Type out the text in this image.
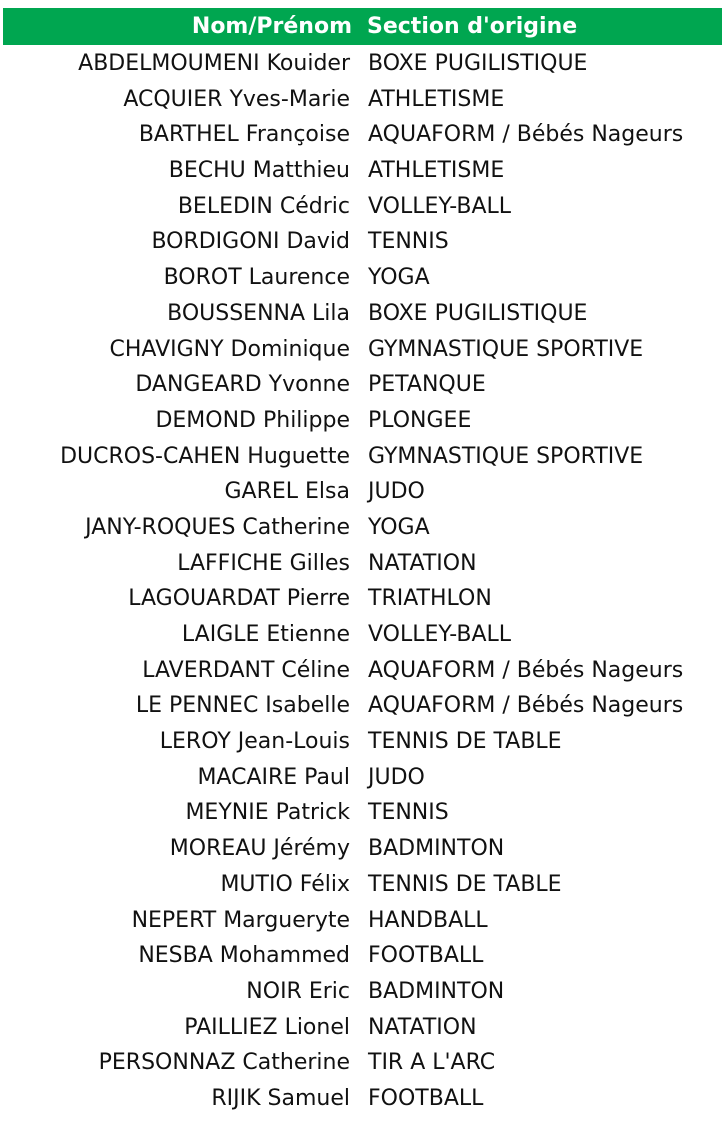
Nom/Prénom Section d'origine
ABDELMOUMENI Kouider BOXE PUGILISTIQUE
ACQUIER Yves-Marie ATHLETISME
BARTHEL Françoise AQUAFORM / Bébés Nageurs
BECHU Matthieu ATHLETISME
BELEDIN Cédric VOLLEY-BALL
BORDIGONI David TENNIS
BOROT Laurence YOGA
BOUSSENNA Lila BOXE PUGILISTIQUE
CHAVIGNY Dominique GYMNASTIQUE SPORTIVE
DANGEARD Yvonne PETANQUE
DEMOND Philippe PLONGEE
DUCROS-CAHEN Huguette GYMNASTIQUE SPORTIVE
GAREL Elsa JUDO
JANY-ROQUES Catherine YOGA
LAFFICHE Gilles NATATION
LAGOUARDAT Pierre TRIATHLON
LAIGLE Etienne VOLLEY-BALL
LAVERDANT Céline AQUAFORM / Bébés Nageurs
LE PENNEC Isabelle AQUAFORM / Bébés Nageurs
LEROY Jean-Louis TENNIS DE TABLE
MACAIRE Paul JUDO
MEYNIE Patrick TENNIS
MOREAU Jérémy BADMINTON
MUTIO Félix TENNIS DE TABLE
NEPERT Margueryte HANDBALL
NESBA Mohammed FOOTBALL
NOIR Eric BADMINTON
PAILLIEZ Lionel NATATION
PERSONNAZ Catherine TIR A L'ARC
RIJIK Samuel FOOTBALL
